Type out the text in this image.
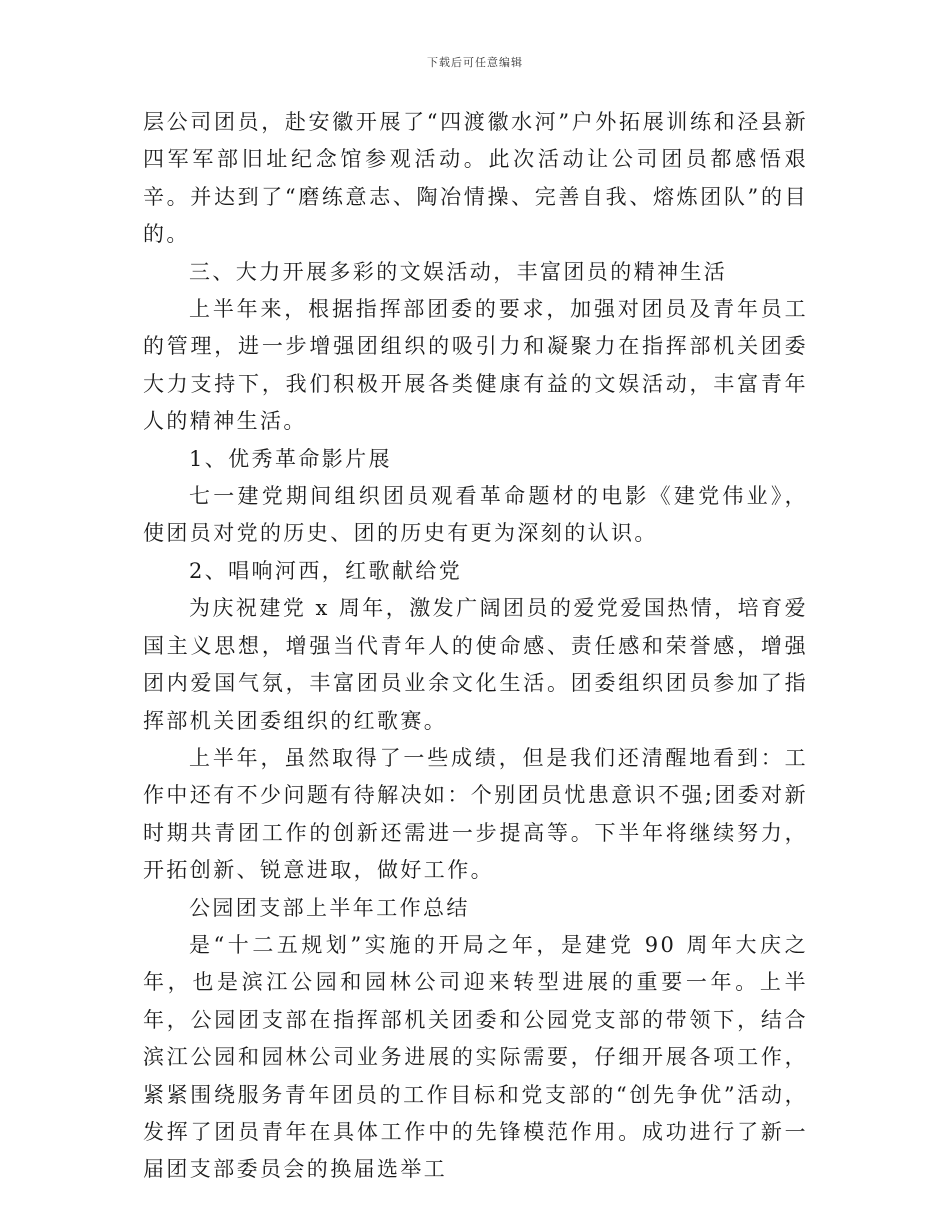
下载后可任意编辑

层公司团员，赴安徽开展了“四渡徽水河”户外拓展训练和泾县新四军军部旧址纪念馆参观活动。此次活动让公司团员都感悟艰辛。并达到了“磨练意志、陶冶情操、完善自我、熔炼团队”的目的。

三、大力开展多彩的文娱活动，丰富团员的精神生活

上半年来，根据指挥部团委的要求，加强对团员及青年员工的管理，进一步增强团组织的吸引力和凝聚力在指挥部机关团委大力支持下，我们积极开展各类健康有益的文娱活动，丰富青年人的精神生活。

1、优秀革命影片展

七一建党期间组织团员观看革命题材的电影《建党伟业》，使团员对党的历史、团的历史有更为深刻的认识。

2、唱响河西，红歌献给党

为庆祝建党 x 周年，激发广阔团员的爱党爱国热情，培育爱国主义思想，增强当代青年人的使命感、责任感和荣誉感，增强团内爱国气氛，丰富团员业余文化生活。团委组织团员参加了指挥部机关团委组织的红歌赛。

上半年，虽然取得了一些成绩，但是我们还清醒地看到：工作中还有不少问题有待解决如：个别团员忧患意识不强;团委对新时期共青团工作的创新还需进一步提高等。下半年将继续努力，开拓创新、锐意进取，做好工作。

公园团支部上半年工作总结

是“十二五规划”实施的开局之年，是建党 90 周年大庆之年，也是滨江公园和园林公司迎来转型进展的重要一年。上半年，公园团支部在指挥部机关团委和公园党支部的带领下，结合滨江公园和园林公司业务进展的实际需要，仔细开展各项工作，紧紧围绕服务青年团员的工作目标和党支部的“创先争优”活动，发挥了团员青年在具体工作中的先锋模范作用。成功进行了新一届团支部委员会的换届选举工
